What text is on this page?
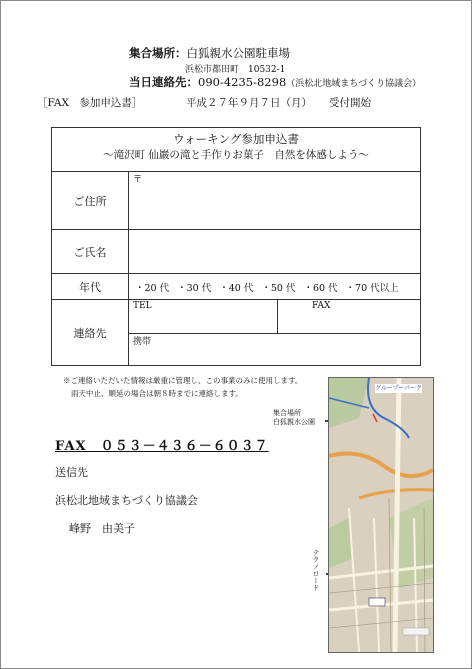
集合場所：白狐親水公園駐車場
浜松市都田町　10532-1
当日連絡先：090-4235-8298（浜松北地域まちづくり協議会）
［FAX　参加申込書］	平成２７年９月７日（月） 受付開始
ウォーキング参加申込書
～滝沢町 仙巌の滝と手作りお菓子　自然を体感しよう～		

ご住所	〒	
ご氏名		
年代	・20 代 ・30 代 ・40 代 ・50 代 ・60 代 ・70 代以上	
連絡先	TEL	FAX
	携帯	
※ご連絡いただいた情報は厳重に管理し、この事業のみに使用します。
雨天中止、順延の場合は朝８時までに連絡します。
FAX　０５３－４３６－６０３７
送信先
浜松北地域まちづくり協議会
峰野　由美子
集合場所
白狐親水公園
テクノロード
グループーパーク
